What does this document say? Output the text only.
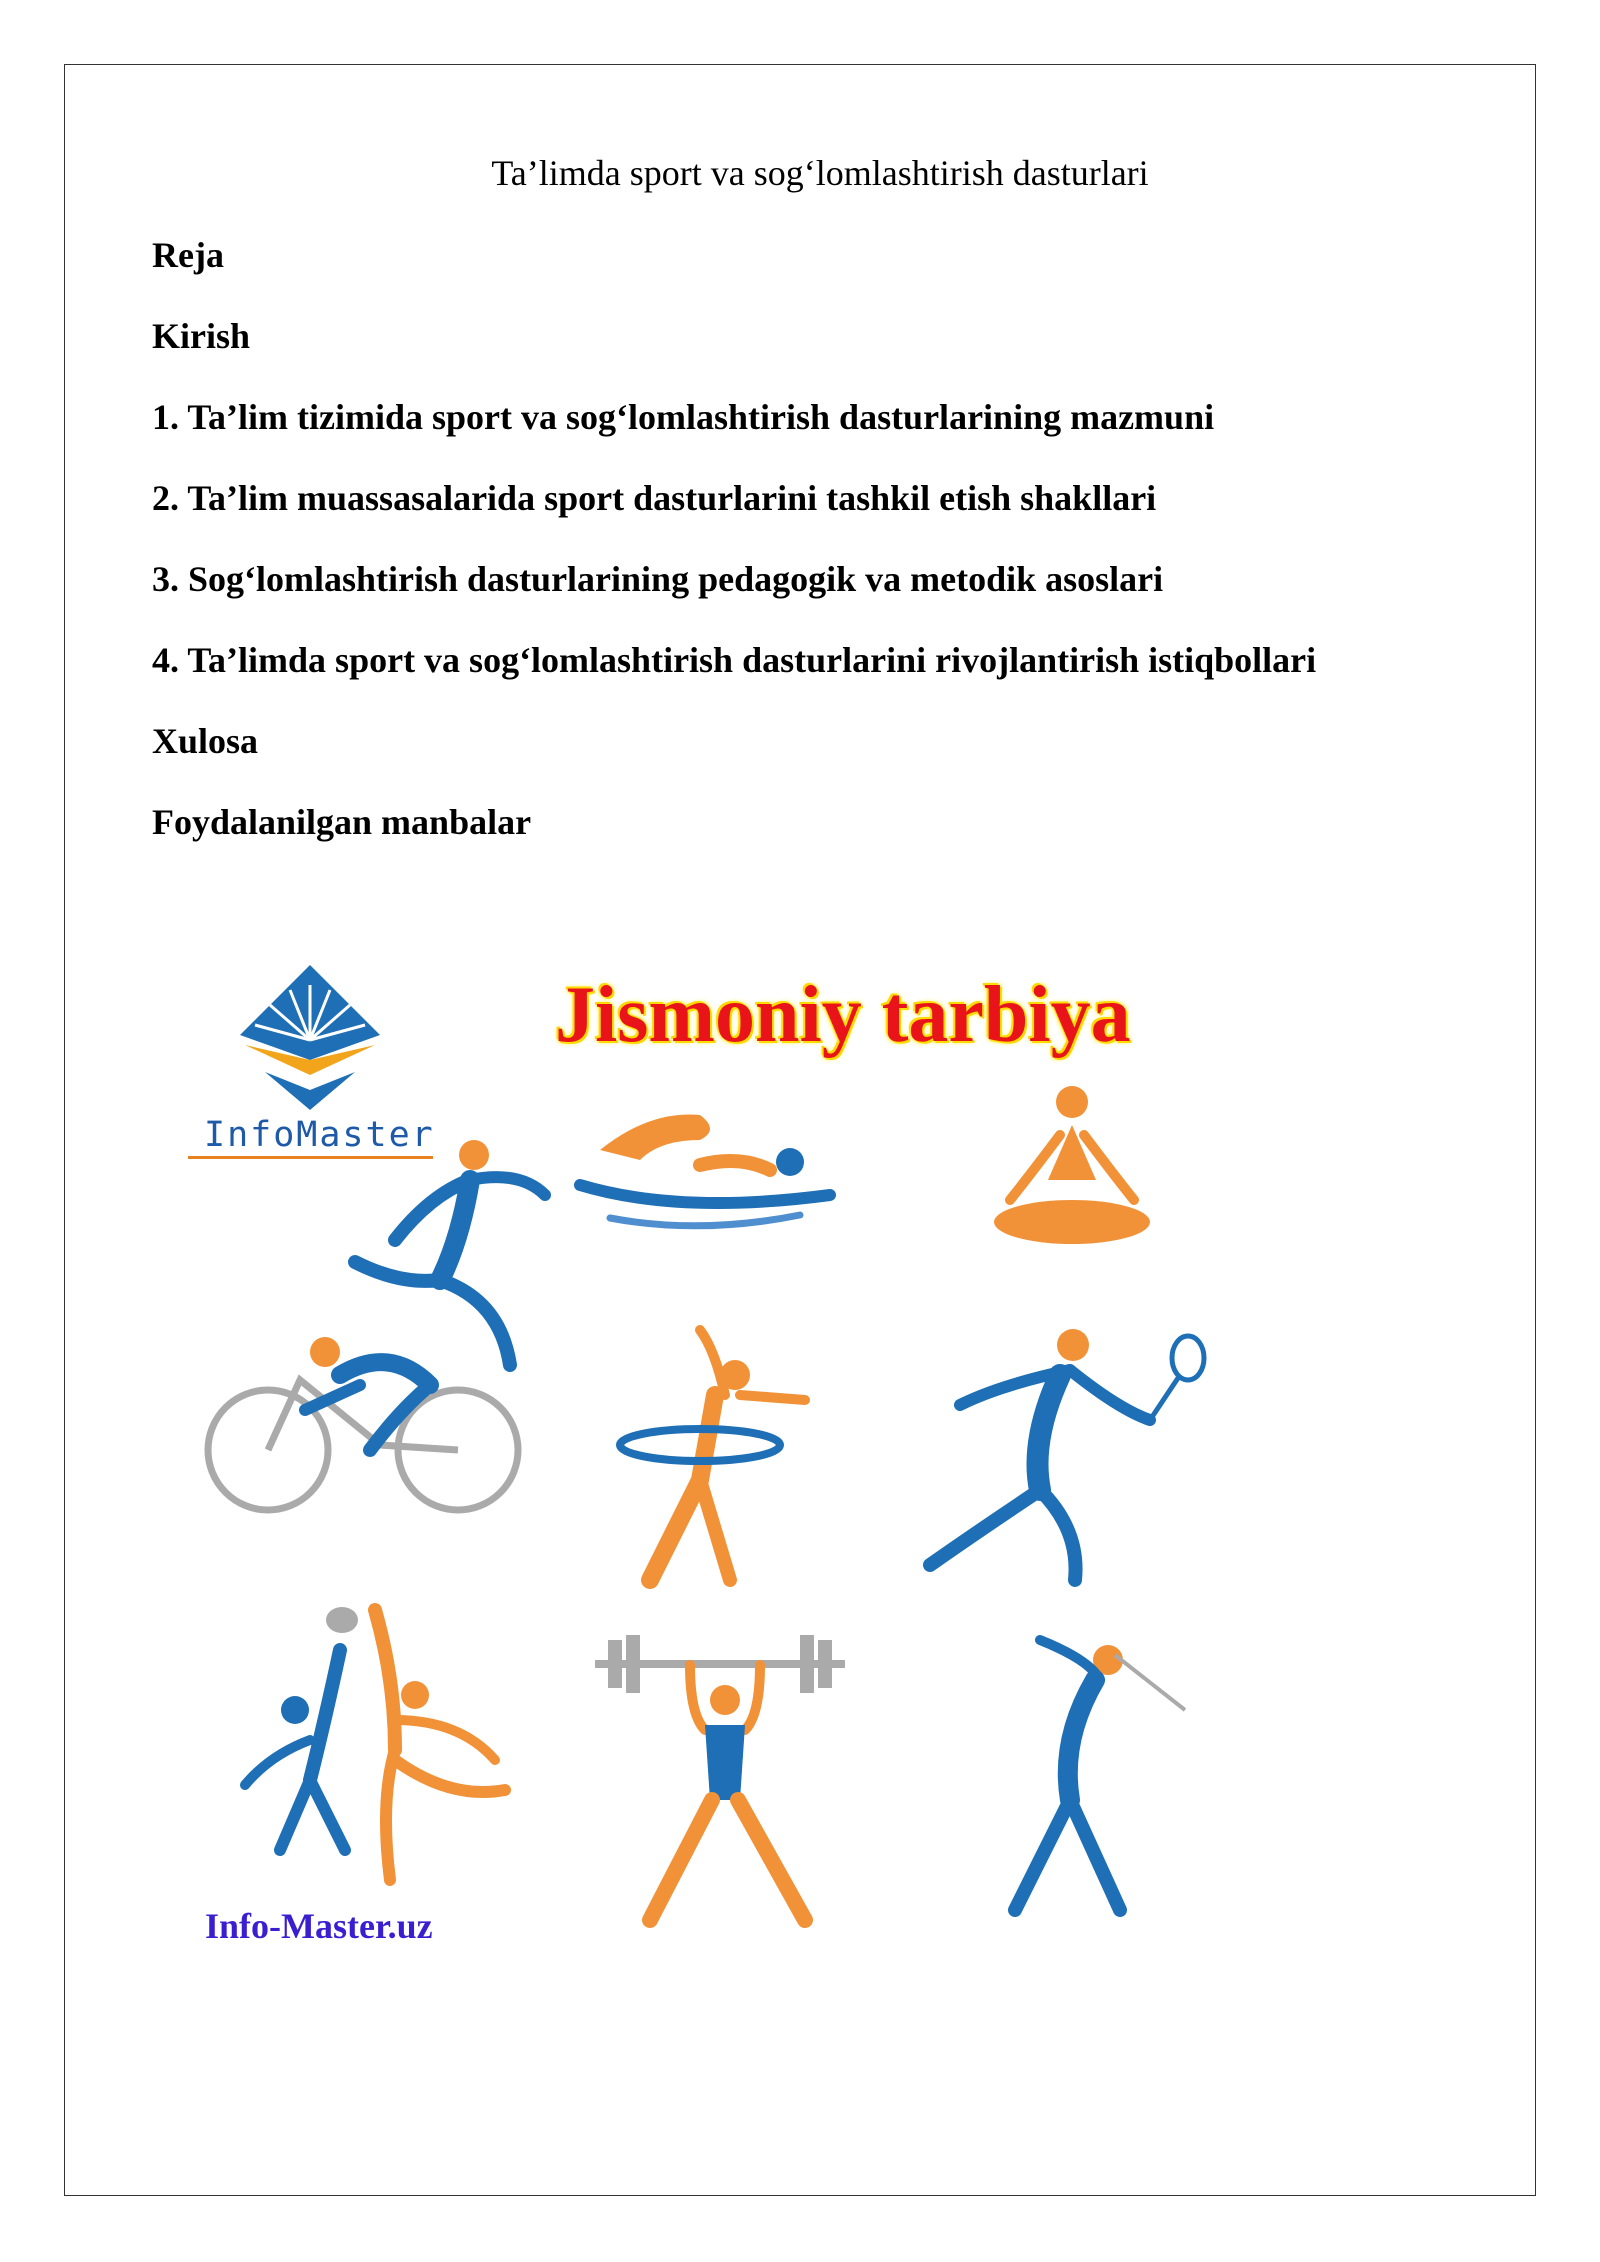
Ta’limda sport va sog‘lomlashtirish dasturlari
Reja
Kirish
1. Ta’lim tizimida sport va sog‘lomlashtirish dasturlarining mazmuni
2. Ta’lim muassasalarida sport dasturlarini tashkil etish shakllari
3. Sog‘lomlashtirish dasturlarining pedagogik va metodik asoslari
4. Ta’limda sport va sog‘lomlashtirish dasturlarini rivojlantirish istiqbollari
Xulosa
Foydalanilgan manbalar
Jismoniy tarbiya
InfoMaster
Info-Master.uz
